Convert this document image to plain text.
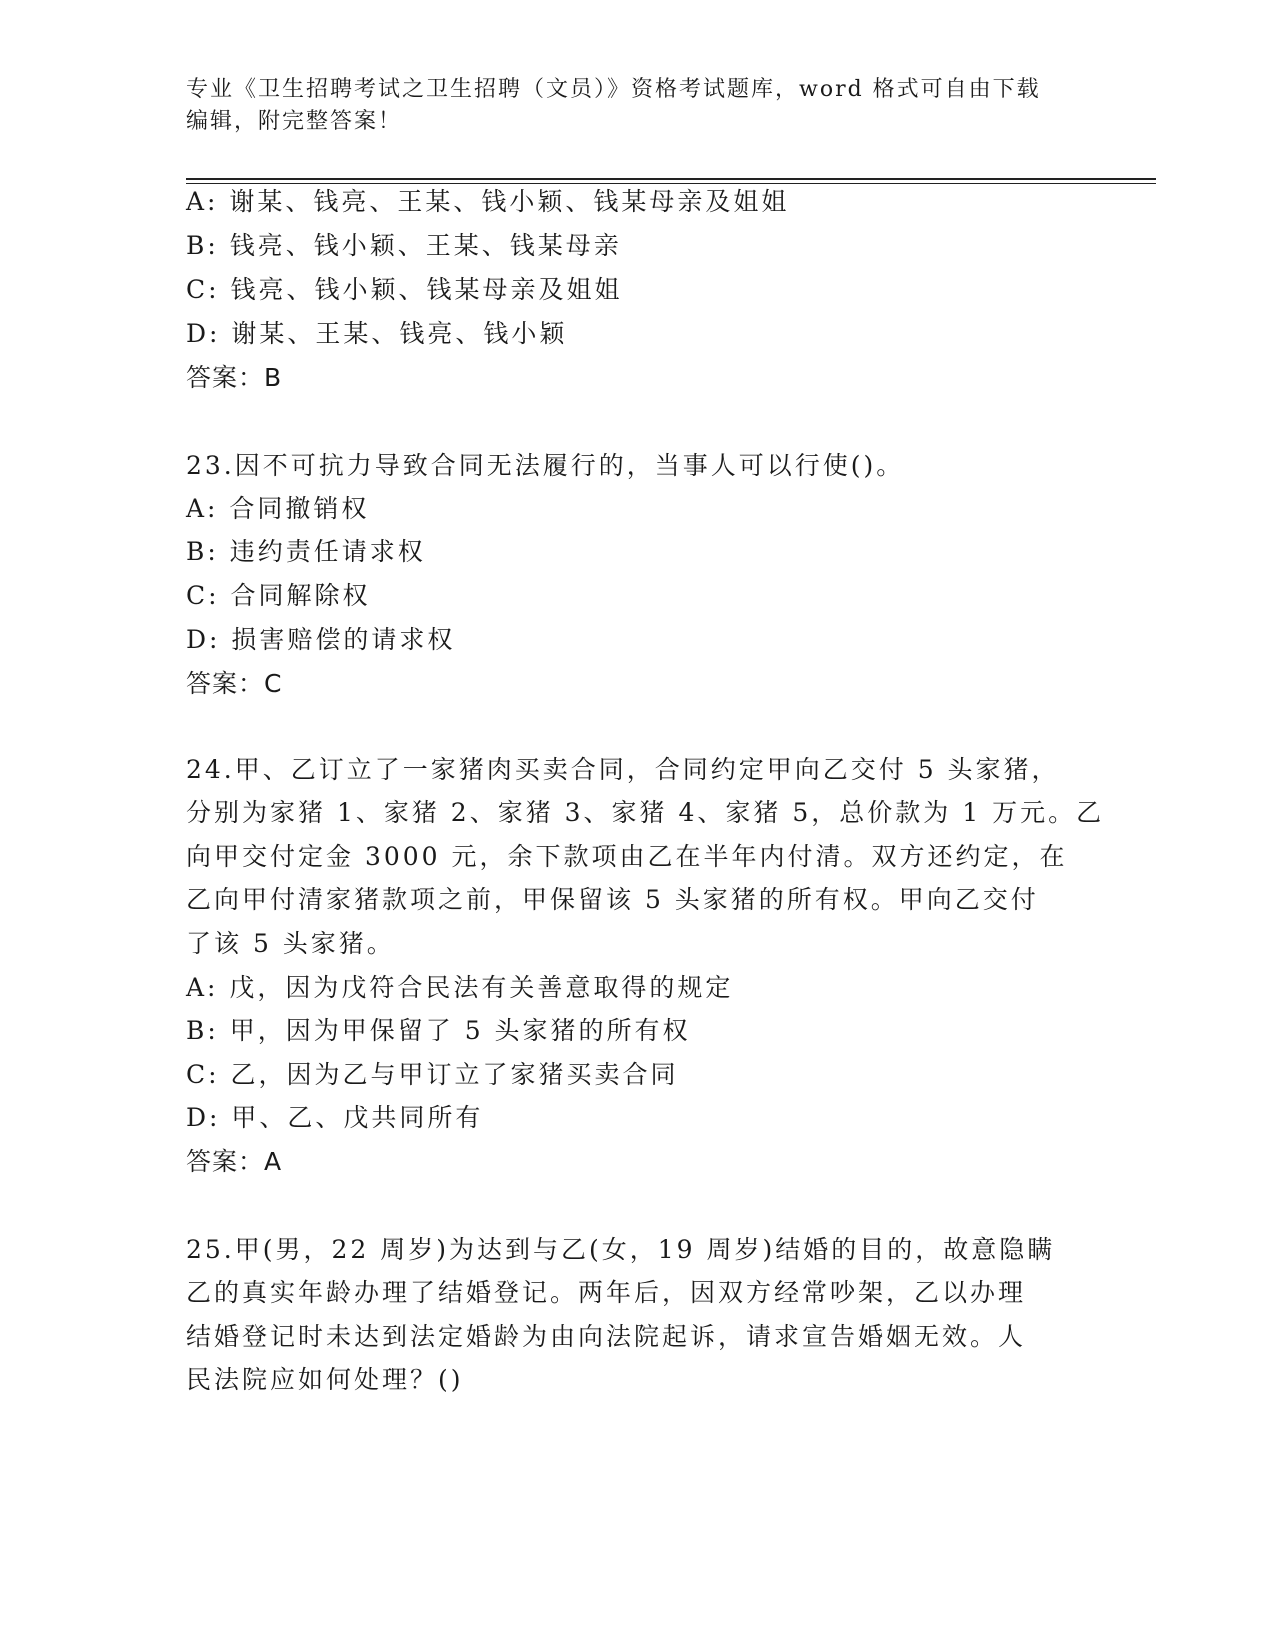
专业《卫生招聘考试之卫生招聘（文员）》资格考试题库，word 格式可自由下载
编辑，附完整答案！
A: 谢某、钱亮、王某、钱小颖、钱某母亲及姐姐
B: 钱亮、钱小颖、王某、钱某母亲
C: 钱亮、钱小颖、钱某母亲及姐姐
D: 谢某、王某、钱亮、钱小颖
答案：B
23.因不可抗力导致合同无法履行的，当事人可以行使()。
A: 合同撤销权
B: 违约责任请求权
C: 合同解除权
D: 损害赔偿的请求权
答案：C
24.甲、乙订立了一家猪肉买卖合同，合同约定甲向乙交付 5 头家猪，
分别为家猪 1、家猪 2、家猪 3、家猪 4、家猪 5，总价款为 1 万元。乙
向甲交付定金 3000 元，余下款项由乙在半年内付清。双方还约定，在
乙向甲付清家猪款项之前，甲保留该 5 头家猪的所有权。甲向乙交付
了该 5 头家猪。
A: 戊，因为戊符合民法有关善意取得的规定
B: 甲，因为甲保留了 5 头家猪的所有权
C: 乙，因为乙与甲订立了家猪买卖合同
D: 甲、乙、戊共同所有
答案：A
25.甲(男，22 周岁)为达到与乙(女，19 周岁)结婚的目的，故意隐瞒
乙的真实年龄办理了结婚登记。两年后，因双方经常吵架，乙以办理
结婚登记时未达到法定婚龄为由向法院起诉，请求宣告婚姻无效。人
民法院应如何处理？()
